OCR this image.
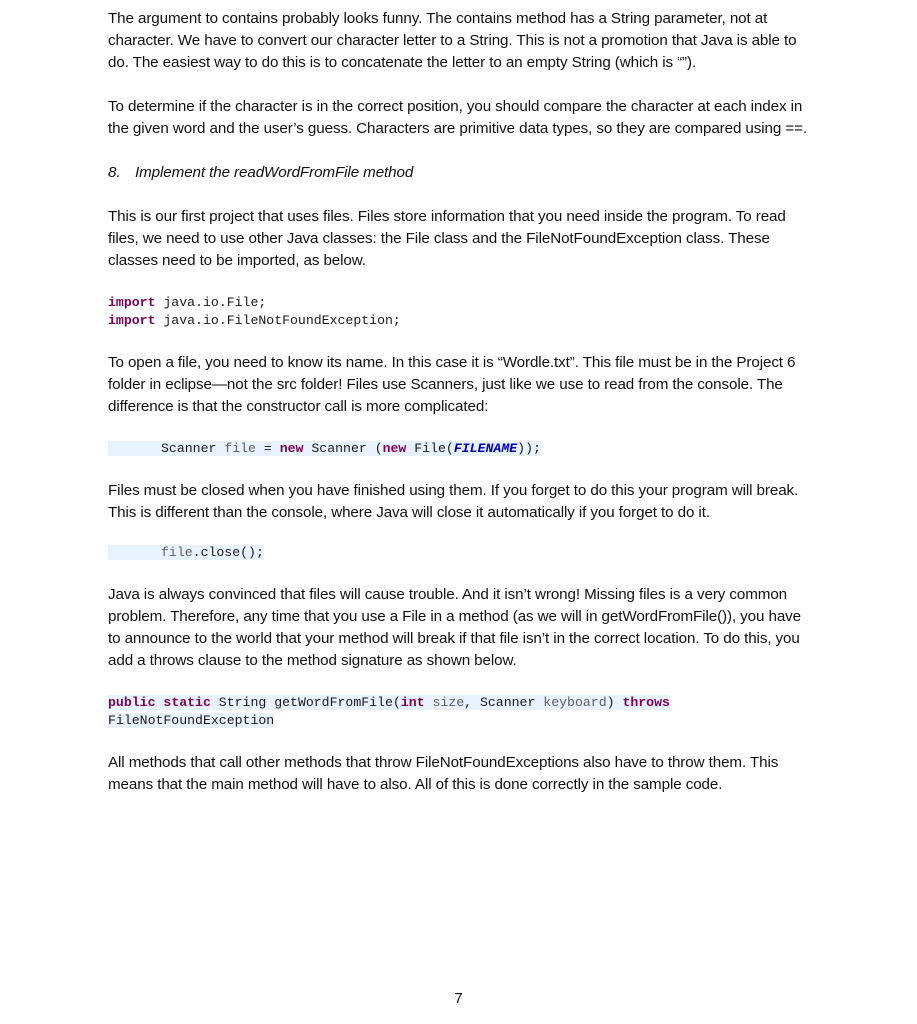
The argument to contains probably looks funny. The contains method has a String parameter, not at character. We have to convert our character letter to a String. This is not a promotion that Java is able to do. The easiest way to do this is to concatenate the letter to an empty String (which is “”).

To determine if the character is in the correct position, you should compare the character at each index in the given word and the user’s guess. Characters are primitive data types, so they are compared using ==.

8. Implement the readWordFromFile method

This is our first project that uses files. Files store information that you need inside the program. To read files, we need to use other Java classes: the File class and the FileNotFoundException class. These classes need to be imported, as below.

import java.io.File;
import java.io.FileNotFoundException;

To open a file, you need to know its name. In this case it is “Wordle.txt”. This file must be in the Project 6 folder in eclipse—not the src folder! Files use Scanners, just like we use to read from the console. The difference is that the constructor call is more complicated:

Scanner file = new Scanner (new File(FILENAME));

Files must be closed when you have finished using them. If you forget to do this your program will break. This is different than the console, where Java will close it automatically if you forget to do it.

file.close();

Java is always convinced that files will cause trouble. And it isn’t wrong! Missing files is a very common problem. Therefore, any time that you use a File in a method (as we will in getWordFromFile()), you have to announce to the world that your method will break if that file isn’t in the correct location. To do this, you add a throws clause to the method signature as shown below.

public static String getWordFromFile(int size, Scanner keyboard) throws
FileNotFoundException

All methods that call other methods that throw FileNotFoundExceptions also have to throw them. This means that the main method will have to also. All of this is done correctly in the sample code.

7
